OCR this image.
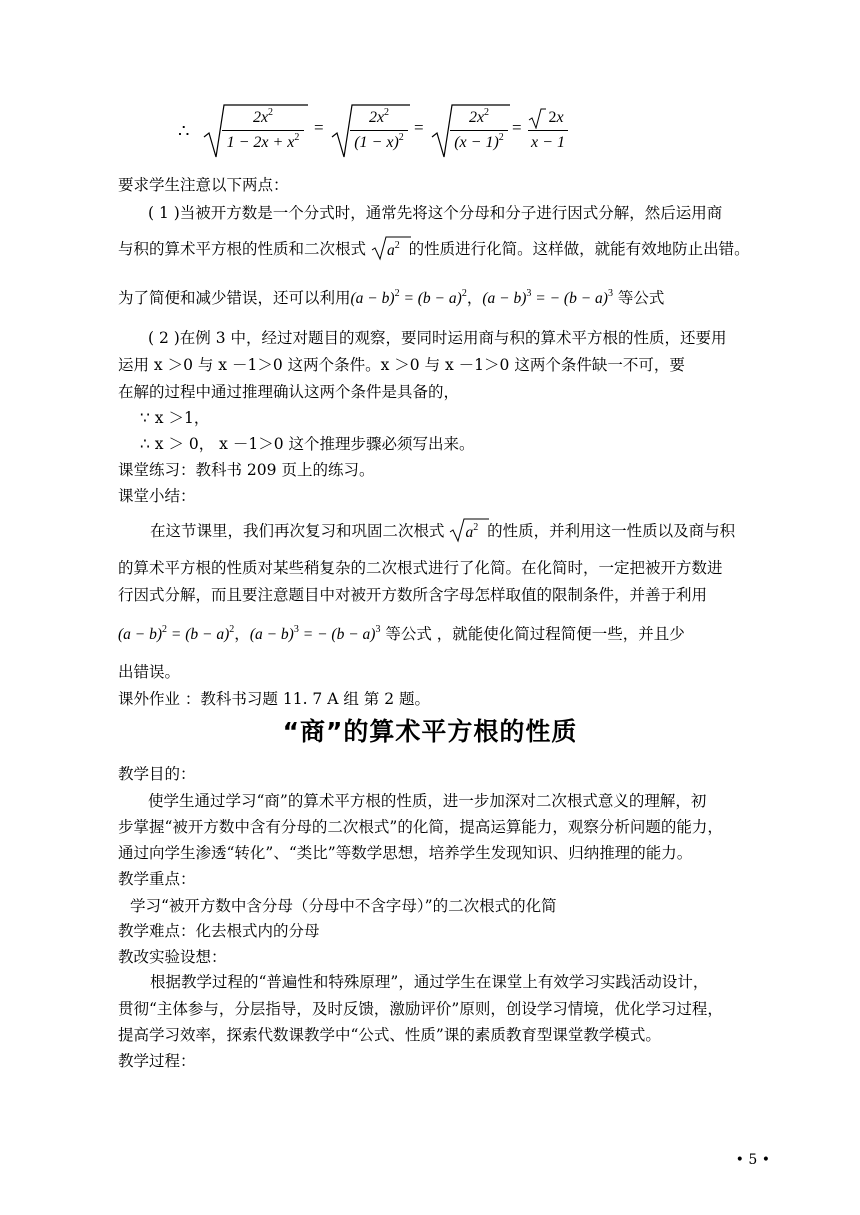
∴
$2x^2$
$1 - 2x + x^2$
=
$2x^2$
$(1 - x)^2$
=
$2x^2$
$(x - 1)^2$
=
2x
x − 1
要求学生注意以下两点：
( 1 )当被开方数是一个分式时，通常先将这个分母和分子进行因式分解，然后运用商
与积的算术平方根的性质和二次根式 $a^2$ 的性质进行化简。这样做，就能有效地防止出错。
为了简便和减少错误，还可以利用$(a - b)^2 = (b - a)^2$，$(a - b)^3$ = − $(b - a)^3$ 等公式
( 2 )在例 3 中，经过对题目的观察，要同时运用商与积的算术平方根的性质，还要用
运用 x ＞0 与 x －1＞0 这两个条件。x ＞0 与 x －1＞0 这两个条件缺一不可，要
在解的过程中通过推理确认这两个条件是具备的，
∵ x ＞1，
∴ x ＞ 0， x －1＞0 这个推理步骤必须写出来。
课堂练习：教科书 209 页上的练习。
课堂小结：
在这节课里，我们再次复习和巩固二次根式 $a^2$ 的性质，并利用这一性质以及商与积
的算术平方根的性质对某些稍复杂的二次根式进行了化简。在化简时，一定把被开方数进
行因式分解，而且要注意题目中对被开方数所含字母怎样取值的限制条件，并善于利用
$(a - b)^2 = (b - a)^2$，$(a - b)^3$ = − $(b - a)^3$ 等公式 ，就能使化简过程简便一些，并且少
出错误。
课外作业 ：教科书习题 11. 7 A 组 第 2 题。
“商”的算术平方根的性质
教学目的：
使学生通过学习“商”的算术平方根的性质，进一步加深对二次根式意义的理解，初
步掌握“被开方数中含有分母的二次根式”的化简，提高运算能力，观察分析问题的能力，
通过向学生渗透“转化”、“类比”等数学思想，培养学生发现知识、归纳推理的能力。
教学重点：
学习“被开方数中含分母（分母中不含字母）”的二次根式的化简
教学难点：化去根式内的分母
教改实验设想：
根据教学过程的“普遍性和特殊原理”，通过学生在课堂上有效学习实践活动设计，
贯彻“主体参与，分层指导，及时反馈，激励评价”原则，创设学习情境，优化学习过程，
提高学习效率，探索代数课教学中“公式、性质”课的素质教育型课堂教学模式。
教学过程：
• 5 •
